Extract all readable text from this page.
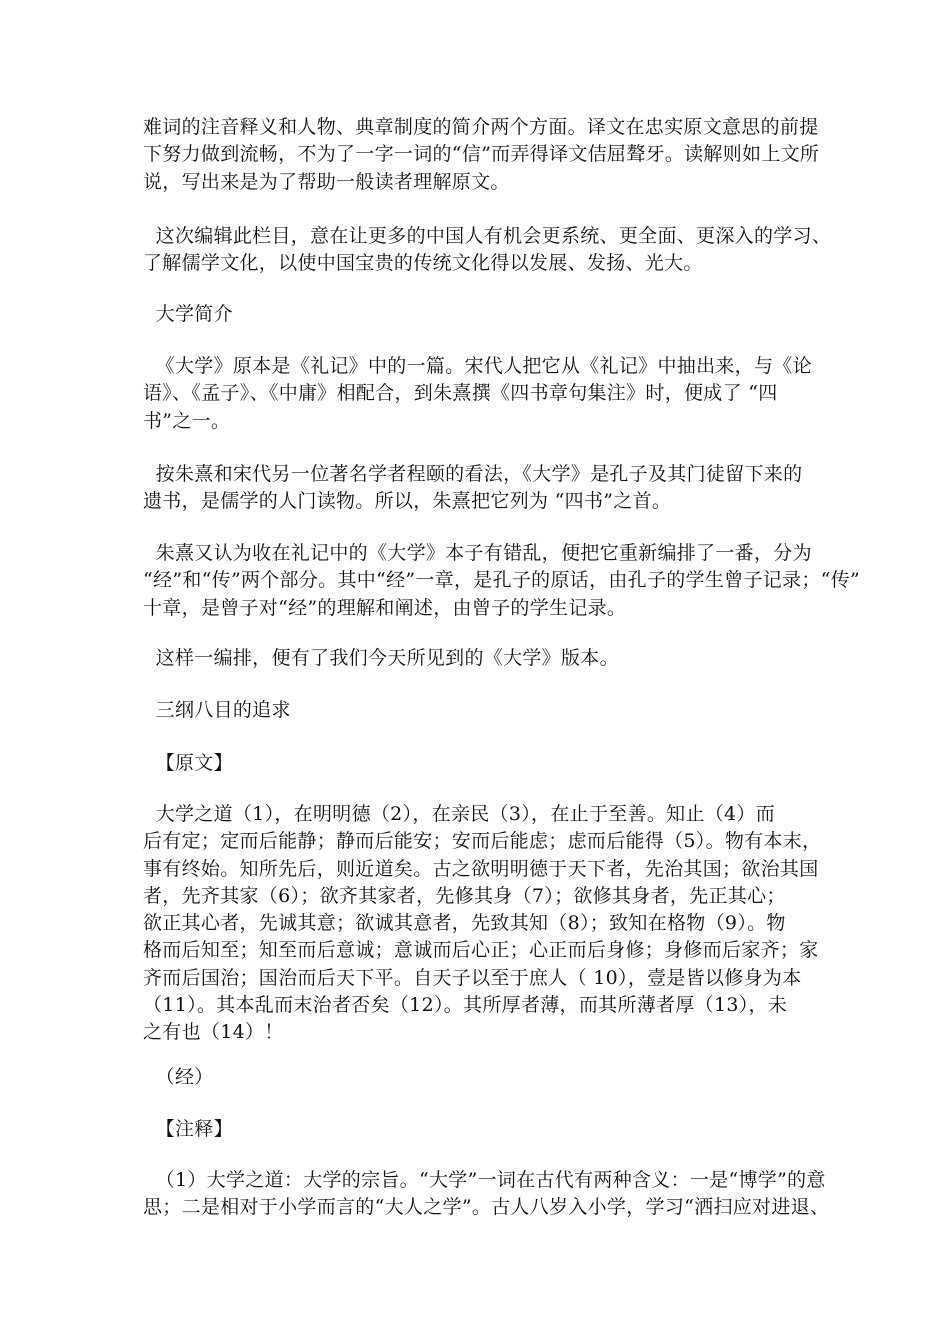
难词的注音释义和人物、典章制度的简介两个方面。译文在忠实原文意思的前提
下努力做到流畅，不为了一字一词的“信”而弄得译文佶屈聱牙。读解则如上文所
说，写出来是为了帮助一般读者理解原文。

这次编辑此栏目，意在让更多的中国人有机会更系统、更全面、更深入的学习、
了解儒学文化，以使中国宝贵的传统文化得以发展、发扬、光大。

大学简介

《大学》原本是《礼记》中的一篇。宋代人把它从《礼记》中抽出来，与《论
语》、《孟子》、《中庸》相配合，到朱熹撰《四书章句集注》时，便成了 “四
书”之一。

按朱熹和宋代另一位著名学者程颐的看法，《大学》是孔子及其门徒留下来的
遗书，是儒学的人门读物。所以，朱熹把它列为 “四书”之首。

朱熹又认为收在礼记中的《大学》本子有错乱，便把它重新编排了一番，分为
“经”和“传”两个部分。其中“经”一章，是孔子的原话，由孔子的学生曾子记录；“传”
十章，是曾子对“经”的理解和阐述，由曾子的学生记录。

这样一编排，便有了我们今天所见到的《大学》版本。

三纲八目的追求

【原文】

大学之道（1），在明明德（2），在亲民（3），在止于至善。知止（4）而
后有定；定而后能静；静而后能安；安而后能虑；虑而后能得（5）。物有本末，
事有终始。知所先后，则近道矣。古之欲明明德于天下者，先治其国；欲治其国
者，先齐其家（6）；欲齐其家者，先修其身（7）；欲修其身者，先正其心；
欲正其心者，先诚其意；欲诚其意者，先致其知（8）；致知在格物（9）。物
格而后知至；知至而后意诚；意诚而后心正；心正而后身修；身修而后家齐；家
齐而后国治；国治而后天下平。自天子以至于庶人（ 10），壹是皆以修身为本
（11）。其本乱而末治者否矣（12）。其所厚者薄，而其所薄者厚（13），未
之有也（14）！

（经）

【注释】

（1）大学之道：大学的宗旨。“大学”一词在古代有两种含义：一是“博学”的意
思；二是相对于小学而言的“大人之学”。古人八岁入小学，学习“洒扫应对进退、
